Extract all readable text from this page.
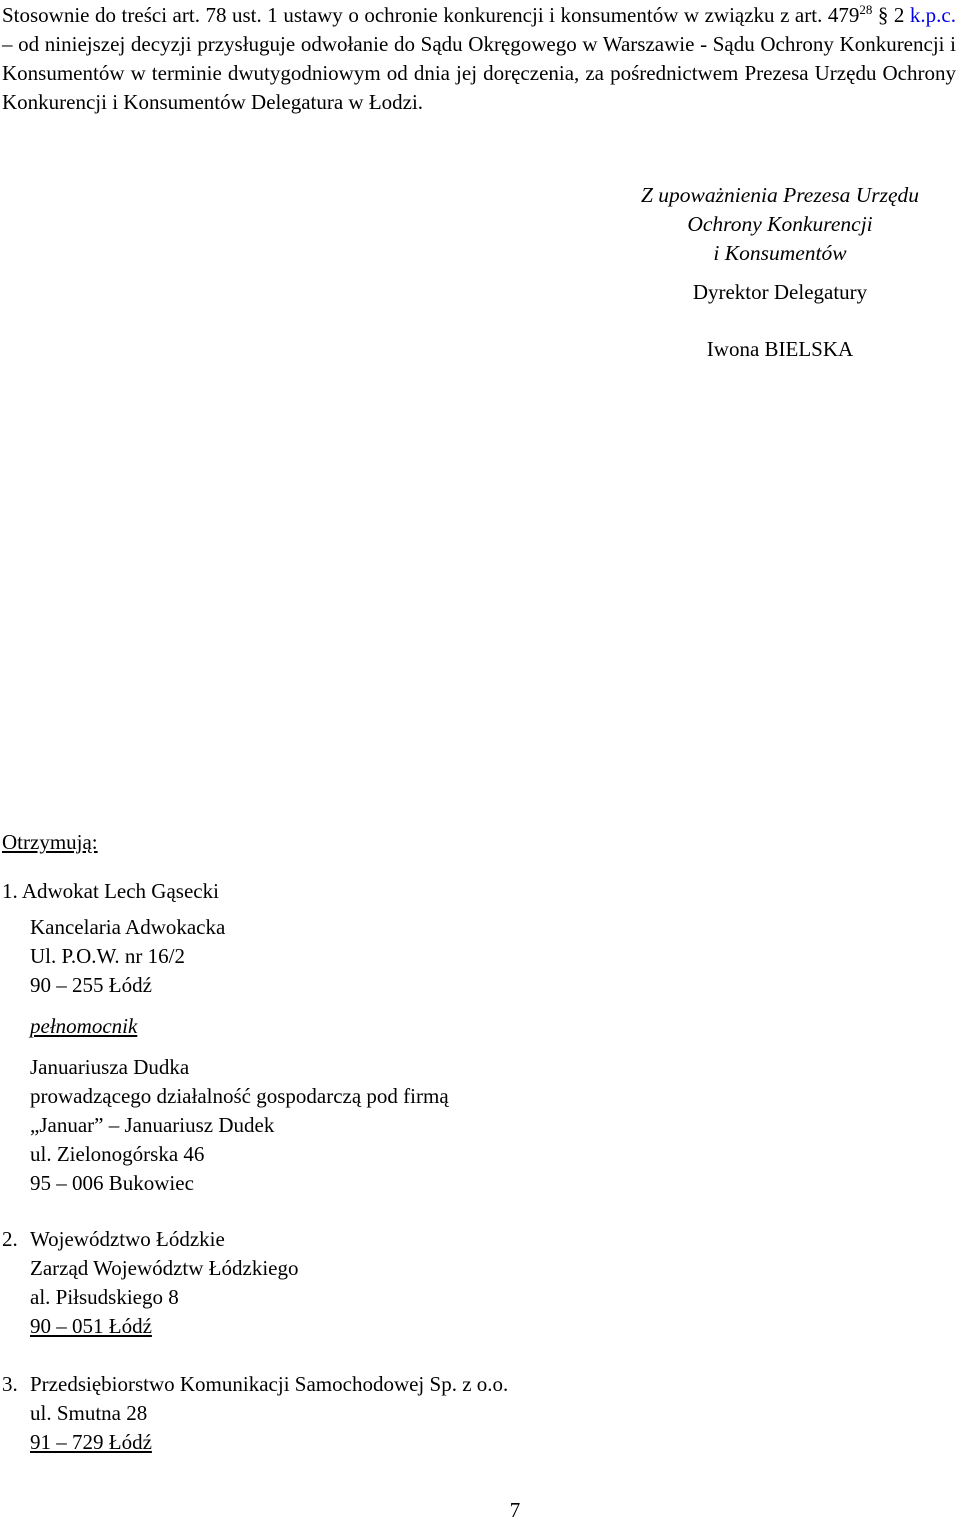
Stosownie do treści art. 78 ust. 1 ustawy o ochronie konkurencji i konsumentów w związku z art. $479^{28}$ § 2 k.p.c. – od niniejszej decyzji przysługuje odwołanie do Sądu Okręgowego w Warszawie - Sądu Ochrony Konkurencji i Konsumentów w terminie dwutygodniowym od dnia jej doręczenia, za pośrednictwem Prezesa Urzędu Ochrony Konkurencji i Konsumentów Delegatura w Łodzi.
Z upoważnienia Prezesa Urzędu
Ochrony Konkurencji
i Konsumentów
Dyrektor Delegatury
Iwona BIELSKA
Otrzymują:
1. Adwokat Lech Gąsecki
Kancelaria Adwokacka
Ul. P.O.W. nr 16/2
90 – 255 Łódź
pełnomocnik
Januariusza Dudka
prowadzącego działalność gospodarczą pod firmą
„Januar” – Januariusz Dudek
ul. Zielonogórska 46
95 – 006 Bukowiec
2. Województwo Łódzkie
Zarząd Województw Łódzkiego
al. Piłsudskiego 8
90 – 051 Łódź
3. Przedsiębiorstwo Komunikacji Samochodowej Sp. z o.o.
ul. Smutna 28
91 – 729 Łódź
7
